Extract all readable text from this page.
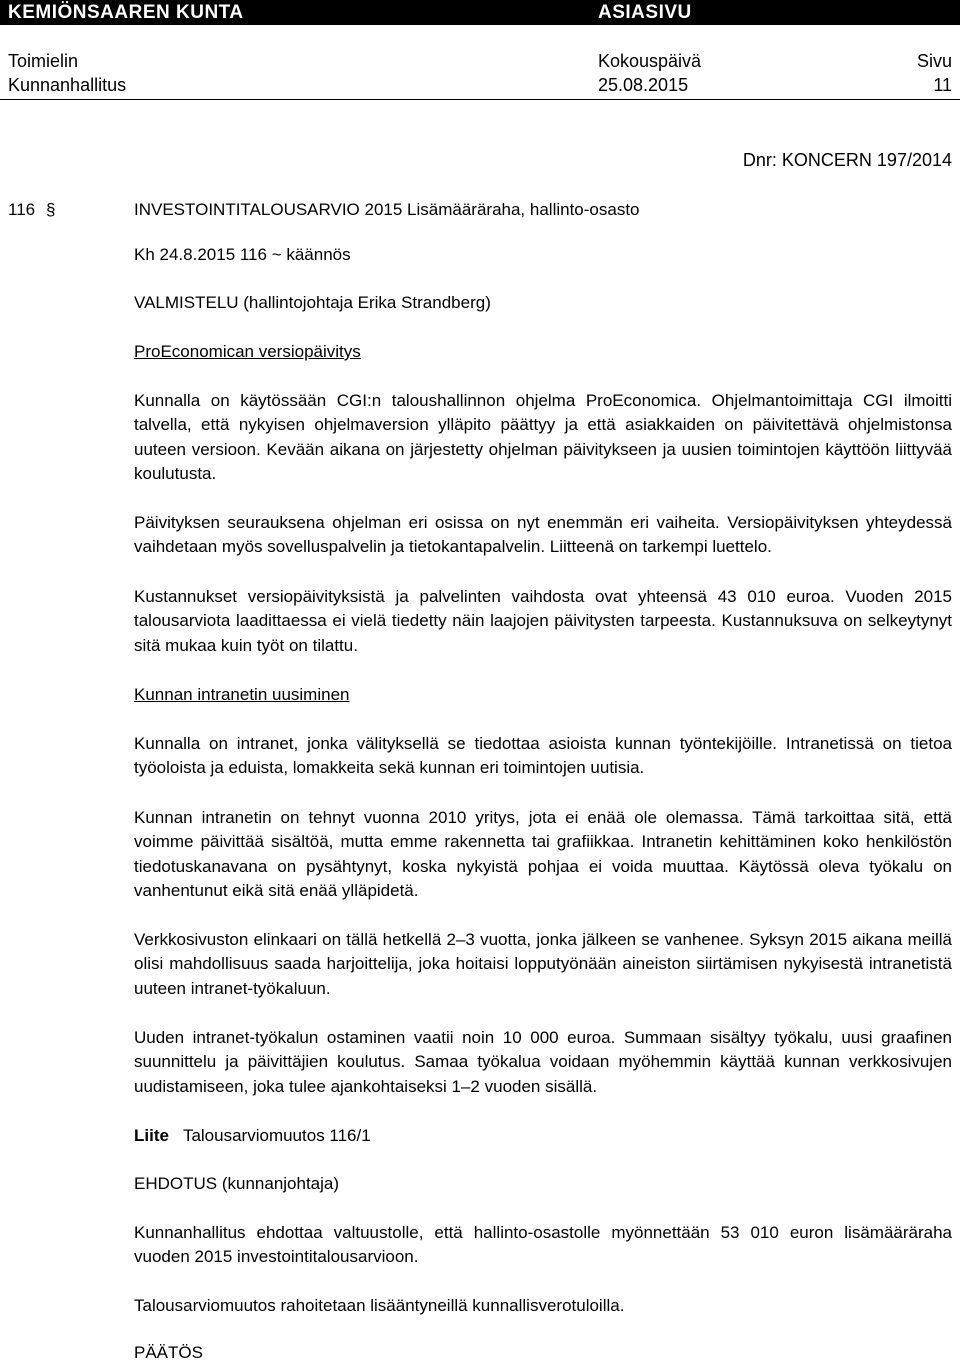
KEMIÖNSAAREN KUNTA	ASIASIVU
Toimielin
Kunnanhallitus
Kokouspäivä
25.08.2015
Sivu
11
Dnr: KONCERN 197/2014
116 §	INVESTOINTITALOUSARVIO 2015 Lisämääräraha, hallinto-osasto
Kh 24.8.2015 116 ~ käännös
VALMISTELU (hallintojohtaja Erika Strandberg)
ProEconomican versiopäivitys
Kunnalla on käytössään CGI:n taloushallinnon ohjelma ProEconomica. Ohjelmantoimittaja CGI ilmoitti talvella, että nykyisen ohjelmaversion ylläpito päättyy ja että asiakkaiden on päivitettävä ohjelmistonsa uuteen versioon. Kevään aikana on järjestetty ohjelman päivitykseen ja uusien toimintojen käyttöön liittyvää koulutusta.
Päivityksen seurauksena ohjelman eri osissa on nyt enemmän eri vaiheita. Versiopäivityksen yhteydessä vaihdetaan myös sovelluspalvelin ja tietokantapalvelin. Liitteenä on tarkempi luettelo.
Kustannukset versiopäivityksistä ja palvelinten vaihdosta ovat yhteensä 43 010 euroa. Vuoden 2015 talousarviota laadittaessa ei vielä tiedetty näin laajojen päivitysten tarpeesta. Kustannuksuva on selkeytynyt sitä mukaa kuin työt on tilattu.
Kunnan intranetin uusiminen
Kunnalla on intranet, jonka välityksellä se tiedottaa asioista kunnan työntekijöille. Intranetissä on tietoa työoloista ja eduista, lomakkeita sekä kunnan eri toimintojen uutisia.
Kunnan intranetin on tehnyt vuonna 2010 yritys, jota ei enää ole olemassa. Tämä tarkoittaa sitä, että voimme päivittää sisältöä, mutta emme rakennetta tai grafiikkaa. Intranetin kehittäminen koko henkilöstön tiedotuskanavana on pysähtynyt, koska nykyistä pohjaa ei voida muuttaa. Käytössä oleva työkalu on vanhentunut eikä sitä enää ylläpidetä.
Verkkosivuston elinkaari on tällä hetkellä 2–3 vuotta, jonka jälkeen se vanhenee. Syksyn 2015 aikana meillä olisi mahdollisuus saada harjoittelija, joka hoitaisi lopputyönään aineiston siirtämisen nykyisestä intranetistä uuteen intranet-työkaluun.
Uuden intranet-työkalun ostaminen vaatii noin 10 000 euroa. Summaan sisältyy työkalu, uusi graafinen suunnittelu ja päivittäjien koulutus. Samaa työkalua voidaan myöhemmin käyttää kunnan verkkosivujen uudistamiseen, joka tulee ajankohtaiseksi 1–2 vuoden sisällä.
Liite Talousarviomuutos 116/1
EHDOTUS (kunnanjohtaja)
Kunnanhallitus ehdottaa valtuustolle, että hallinto-osastolle myönnettään 53 010 euron lisämääräraha vuoden 2015 investointitalousarvioon.
Talousarviomuutos rahoitetaan lisääntyneillä kunnallisverotuloilla.
PÄÄTÖS
